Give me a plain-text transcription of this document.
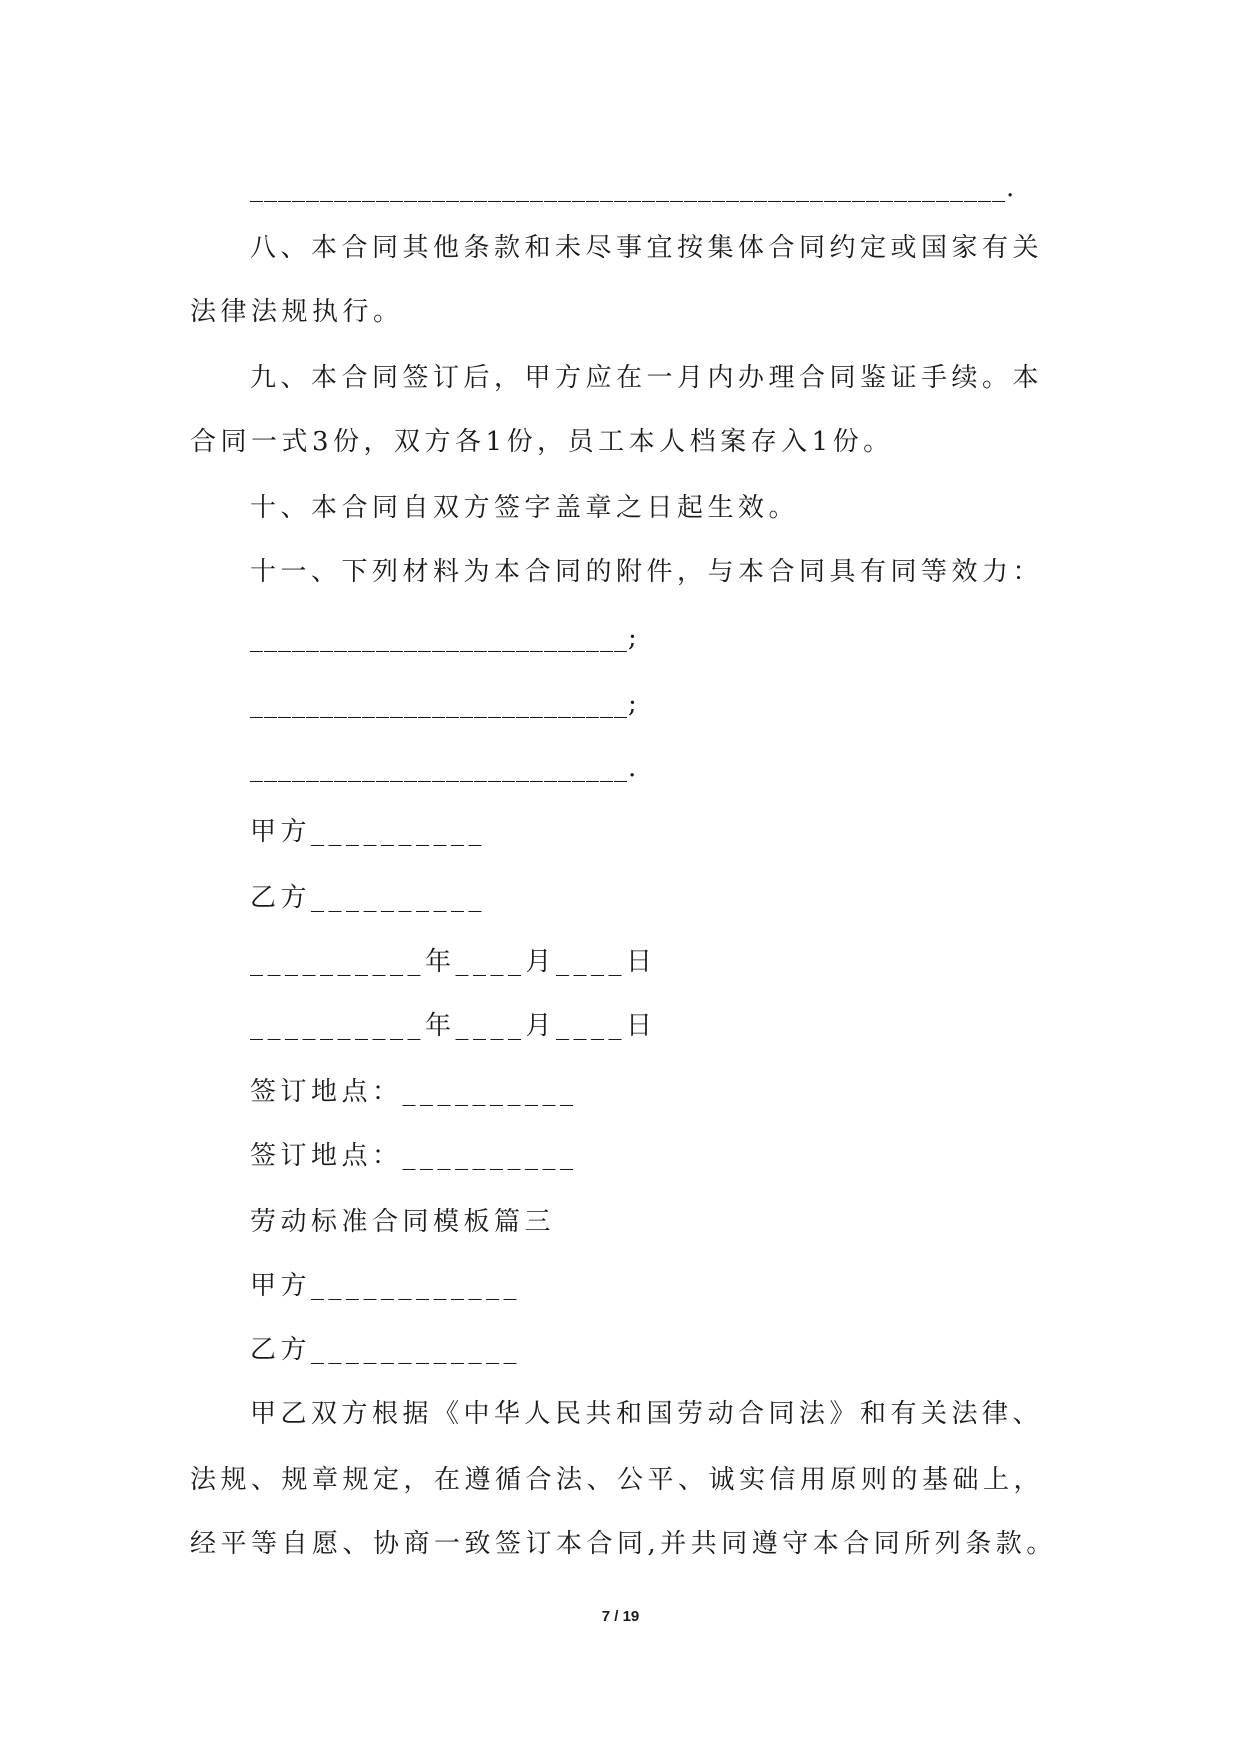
______________________________________________________.
八、本合同其他条款和未尽事宜按集体合同约定或国家有关
法律法规执行。
九、本合同签订后，甲方应在一月内办理合同鉴证手续。本
合同一式3份，双方各1份，员工本人档案存入1份。
十、本合同自双方签字盖章之日起生效。
十一、下列材料为本合同的附件，与本合同具有同等效力：
___________________________;
___________________________;
___________________________.
甲方__________
乙方__________
__________年____月____日
__________年____月____日
签订地点：__________
签订地点：__________
劳动标准合同模板篇三
甲方____________
乙方____________
甲乙双方根据《中华人民共和国劳动合同法》和有关法律、
法规、规章规定，在遵循合法、公平、诚实信用原则的基础上，
经平等自愿、协商一致签订本合同,并共同遵守本合同所列条款。
7 / 19
